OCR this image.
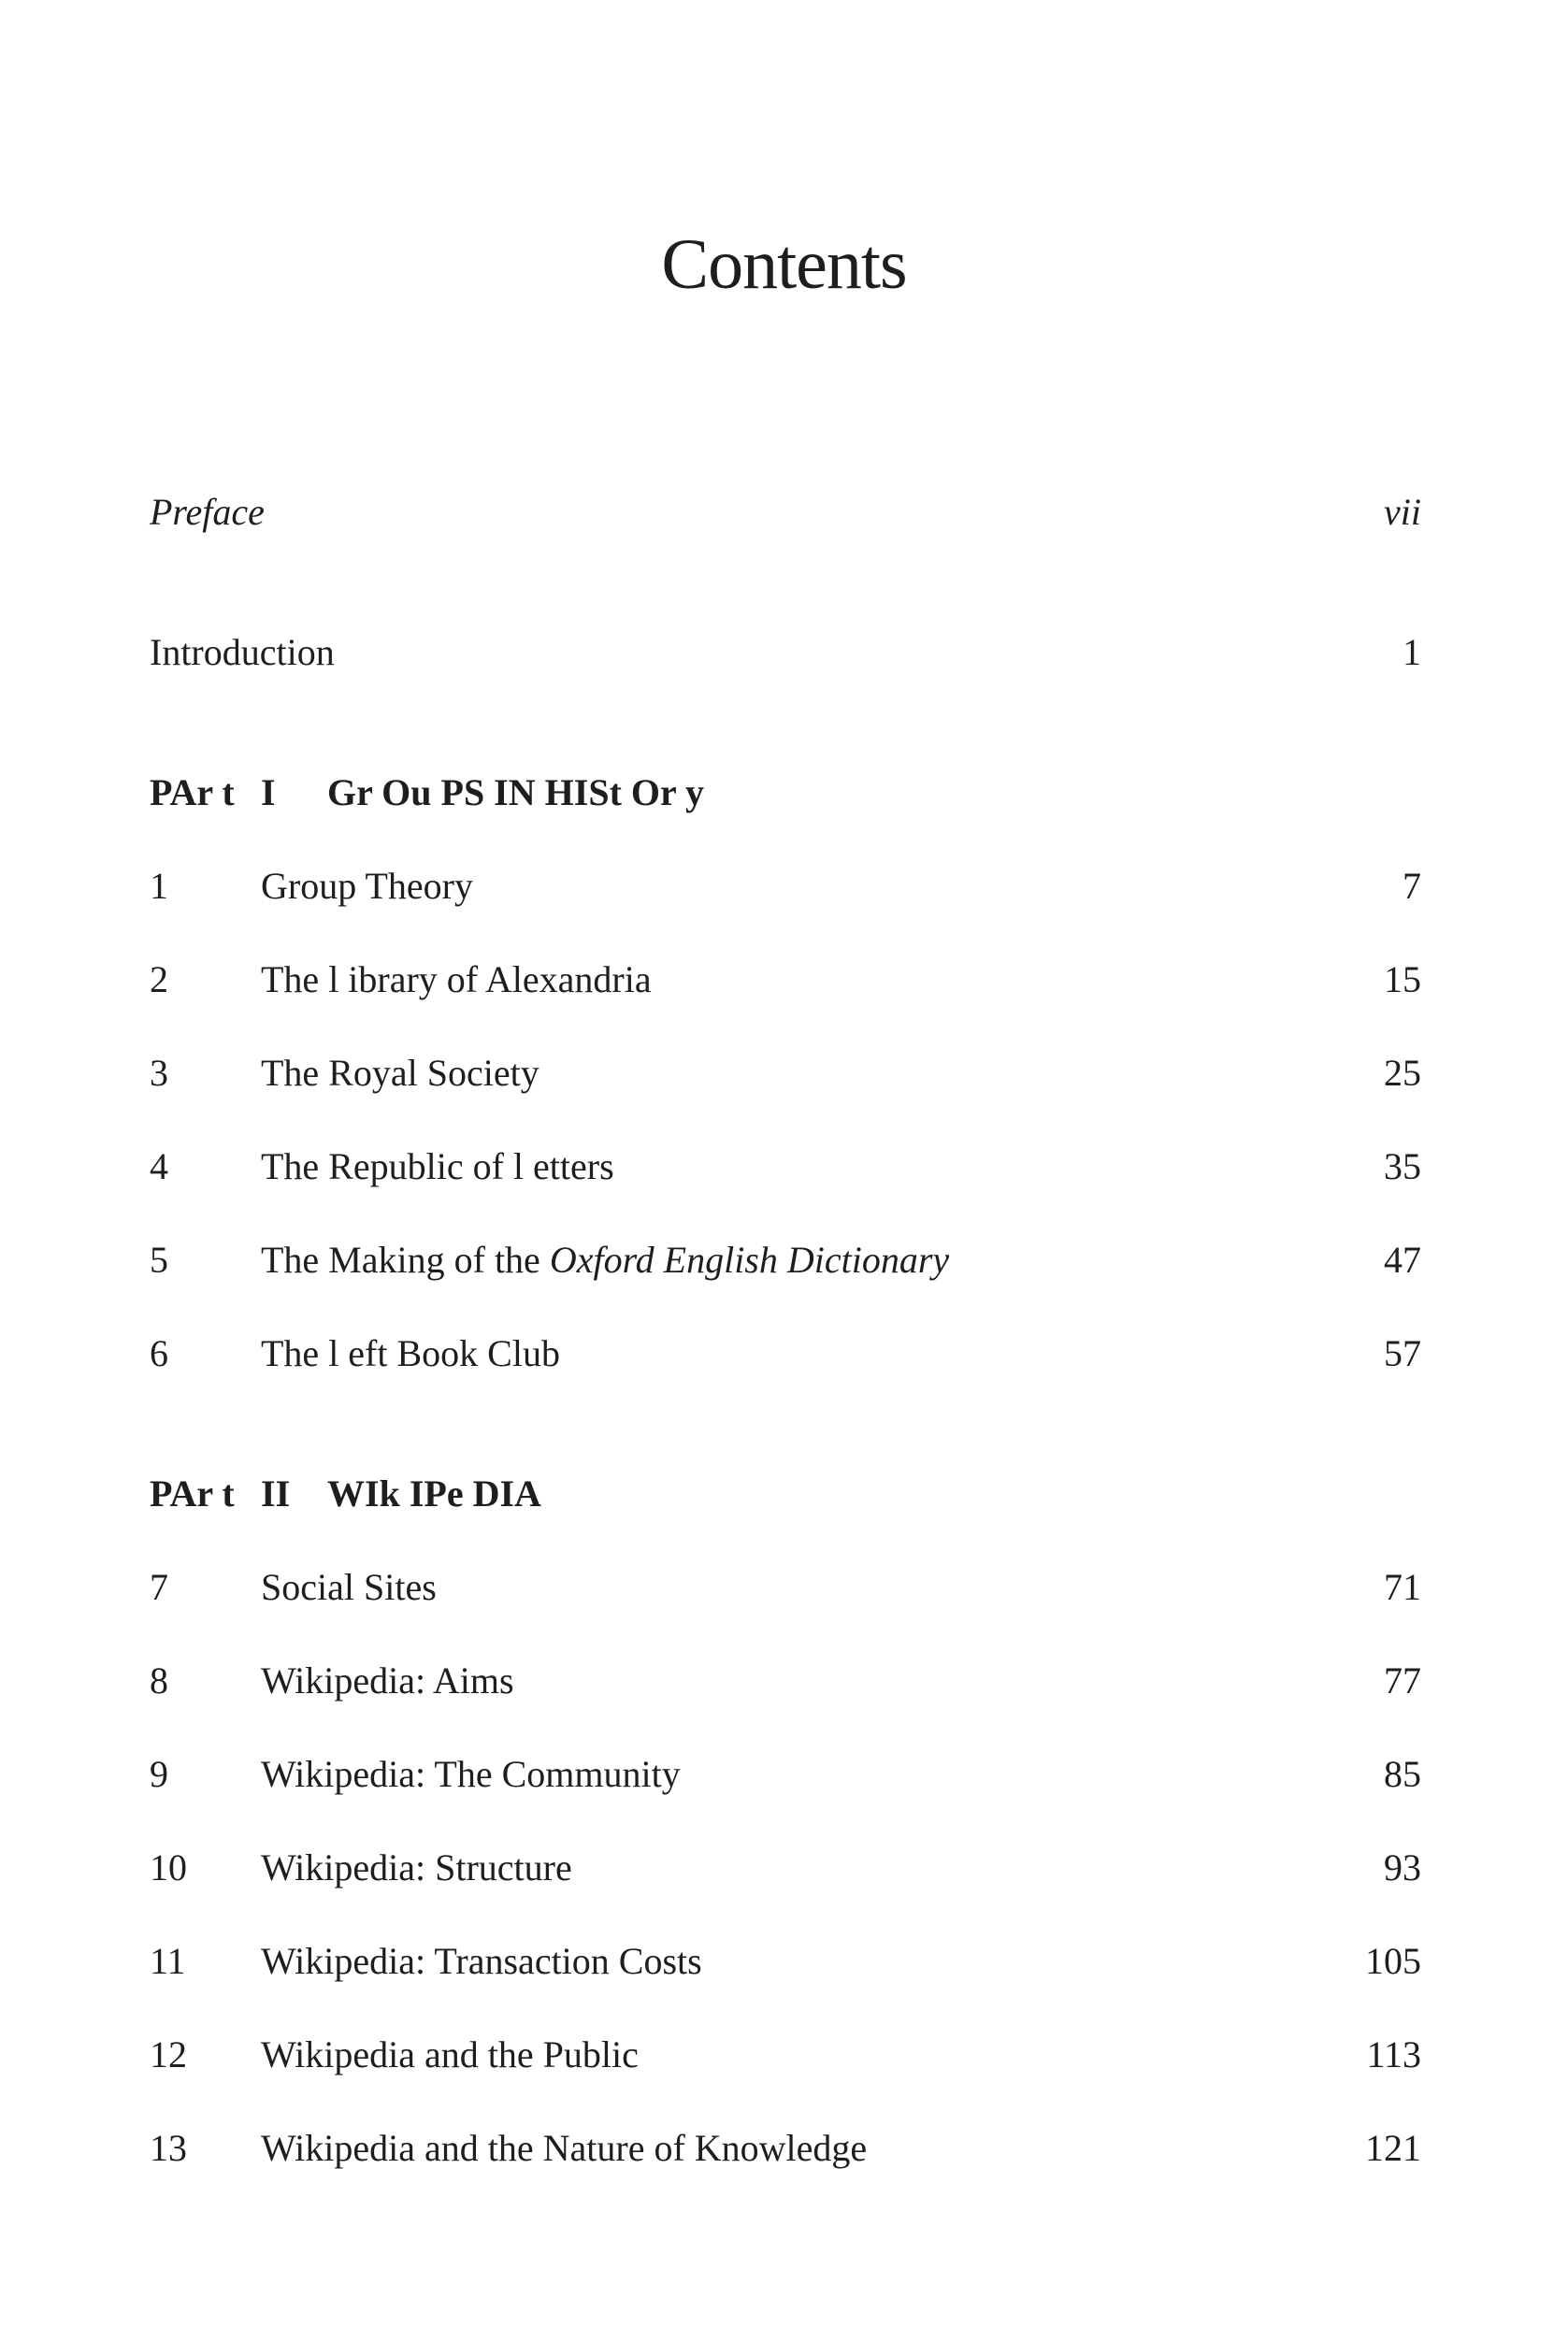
Contents
Preface	vii
Introduction	1
PAr t I Gr Ou PS IN HISt Or y
1 Group Theory	7
2 The l ibrary of Alexandria	15
3 The Royal Society	25
4 The Republic of l etters	35
5 The Making of the Oxford English Dictionary	47
6 The l eft Book Club	57
PAr t II WIk IPe DIA
7 Social Sites	71
8 Wikipedia: Aims	77
9 Wikipedia: The Community	85
10 Wikipedia: Structure	93
11 Wikipedia: Transaction Costs	105
12 Wikipedia and the Public	113
13 Wikipedia and the Nature of Knowledge	121
